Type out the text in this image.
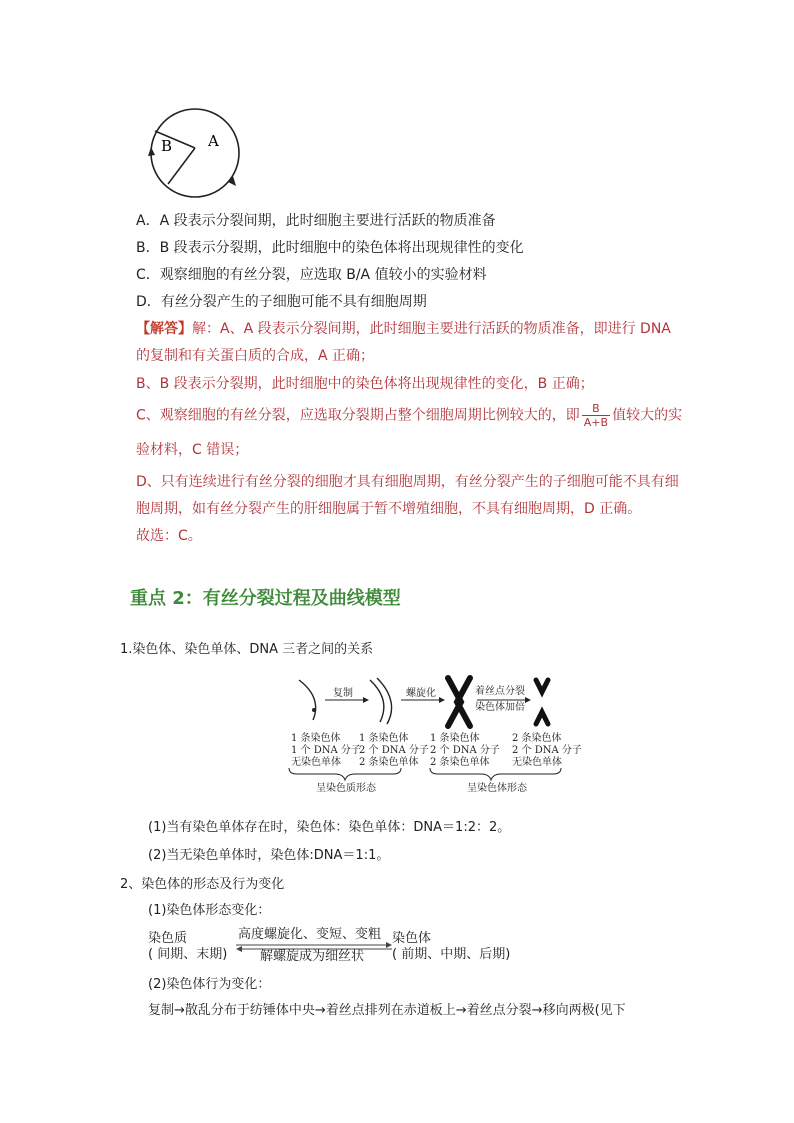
A
B
A．A 段表示分裂间期，此时细胞主要进行活跃的物质准备
B．B 段表示分裂期，此时细胞中的染色体将出现规律性的变化
C．观察细胞的有丝分裂，应选取 B/A 值较小的实验材料
D．有丝分裂产生的子细胞可能不具有细胞周期
【解答】解：A、A 段表示分裂间期，此时细胞主要进行活跃的物质准备，即进行 DNA
的复制和有关蛋白质的合成，A 正确；
B、B 段表示分裂期，此时细胞中的染色体将出现规律性的变化，B 正确；
C、观察细胞的有丝分裂，应选取分裂期占整个细胞周期比例较大的，即 $\frac{B}{A+B}$ 值较大的实
验材料，C 错误；
D、只有连续进行有丝分裂的细胞才具有细胞周期，有丝分裂产生的子细胞可能不具有细
胞周期，如有丝分裂产生的肝细胞属于暂不增殖细胞，不具有细胞周期，D 正确。
故选：C。
重点 2：有丝分裂过程及曲线模型
1.染色体、染色单体、DNA 三者之间的关系
复制	螺旋化	着丝点分裂
染色体加倍
1 条染色体
1 个 DNA 分子
无染色单体
1 条染色体
2 个 DNA 分子
2 条染色单体
1 条染色体
2 个 DNA 分子
2 条染色单体
2 条染色体
2 个 DNA 分子
无染色单体
呈染色质形态	呈染色体形态
(1)当有染色单体存在时，染色体：染色单体：DNA＝1:2：2。
(2)当无染色单体时，染色体:DNA＝1:1。
2、染色体的形态及行为变化
(1)染色体形态变化：
染色质
( 间期、末期)
高度螺旋化、变短、变粗
解螺旋成为细丝状
染色体
( 前期、中期、后期)
(2)染色体行为变化：
复制→散乱分布于纺锤体中央→着丝点排列在赤道板上→着丝点分裂→移向两极(见下
